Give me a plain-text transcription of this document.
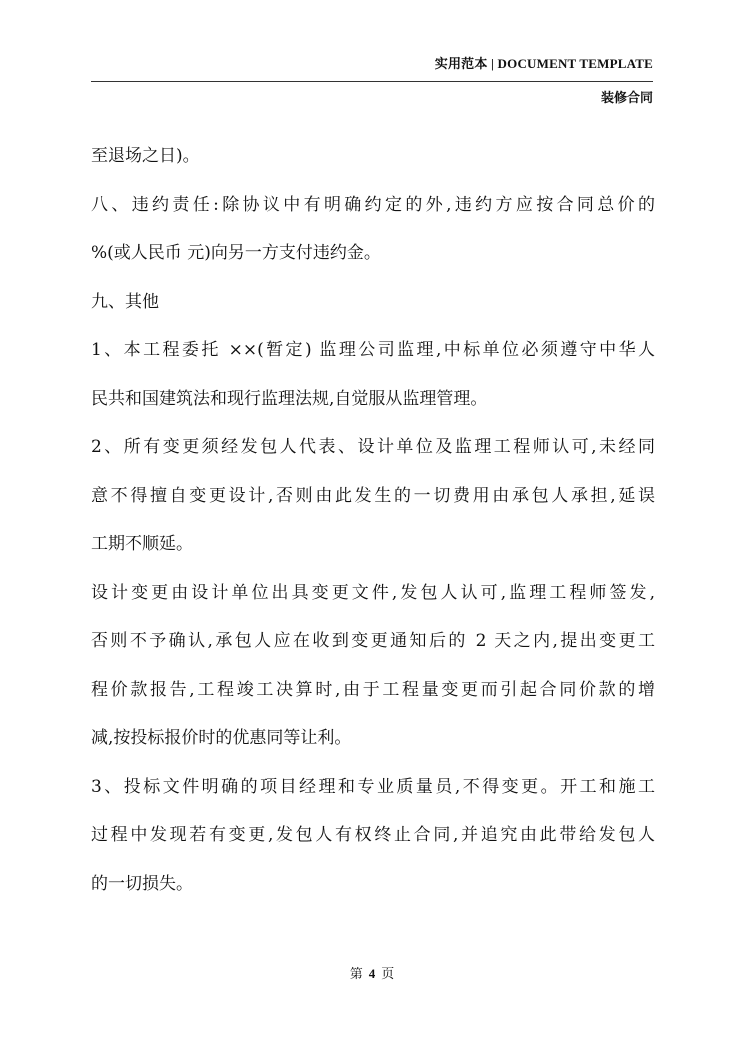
实用范本 | DOCUMENT TEMPLATE
装修合同
至退场之日)。
八、违约责任:除协议中有明确约定的外,违约方应按合同总价的
%(或人民币 元)向另一方支付违约金。
九、其他
1、本工程委托 ××(暂定) 监理公司监理,中标单位必须遵守中华人
民共和国建筑法和现行监理法规,自觉服从监理管理。
2、所有变更须经发包人代表、设计单位及监理工程师认可,未经同
意不得擅自变更设计,否则由此发生的一切费用由承包人承担,延误
工期不顺延。
设计变更由设计单位出具变更文件,发包人认可,监理工程师签发,
否则不予确认,承包人应在收到变更通知后的 2 天之内,提出变更工
程价款报告,工程竣工决算时,由于工程量变更而引起合同价款的增
减,按投标报价时的优惠同等让利。
3、投标文件明确的项目经理和专业质量员,不得变更。开工和施工
过程中发现若有变更,发包人有权终止合同,并追究由此带给发包人
的一切损失。
第 4 页
